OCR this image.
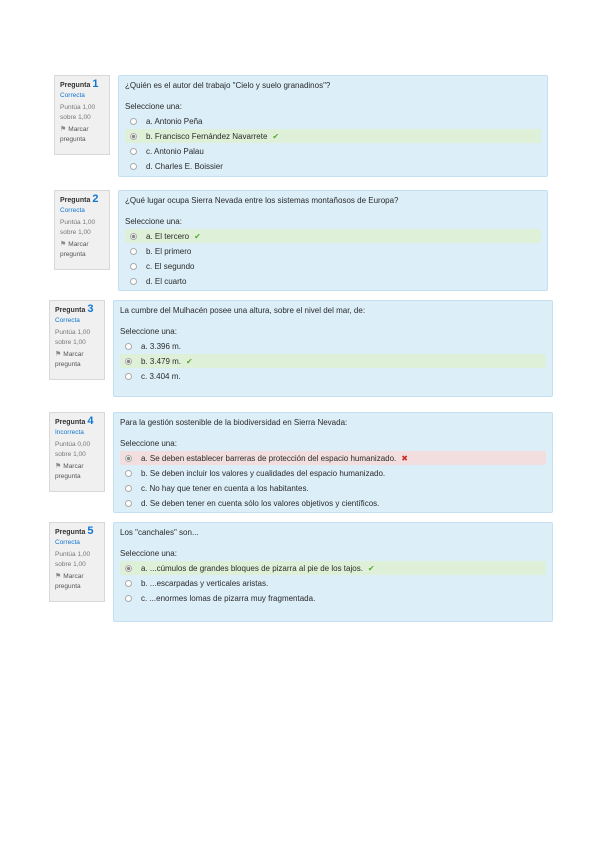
Pregunta 1
Correcta
Puntúa 1,00 sobre 1,00
⚑ Marcar pregunta
¿Quién es el autor del trabajo "Cielo y suelo granadinos"?
Seleccione una:
a. Antonio Peña
b. Francisco Fernández Navarrete ✔
c. Antonio Palau
d. Charles E. Boissier
Pregunta 2
Correcta
Puntúa 1,00 sobre 1,00
⚑ Marcar pregunta
¿Qué lugar ocupa Sierra Nevada entre los sistemas montañosos de Europa?
Seleccione una:
a. El tercero ✔
b. El primero
c. El segundo
d. El cuarto
Pregunta 3
Correcta
Puntúa 1,00 sobre 1,00
⚑ Marcar pregunta
La cumbre del Mulhacén posee una altura, sobre el nivel del mar, de:
Seleccione una:
a. 3.396 m.
b. 3.479 m. ✔
c. 3.404 m.
Pregunta 4
Incorrecta
Puntúa 0,00 sobre 1,00
⚑ Marcar pregunta
Para la gestión sostenible de la biodiversidad en Sierra Nevada:
Seleccione una:
a. Se deben establecer barreras de protección del espacio humanizado. ✖
b. Se deben incluir los valores y cualidades del espacio humanizado.
c. No hay que tener en cuenta a los habitantes.
d. Se deben tener en cuenta sólo los valores objetivos y científicos.
Pregunta 5
Correcta
Puntúa 1,00 sobre 1,00
⚑ Marcar pregunta
Los "canchales" son...
Seleccione una:
a. ...cúmulos de grandes bloques de pizarra al pie de los tajos. ✔
b. ...escarpadas y verticales aristas.
c. ...enormes lomas de pizarra muy fragmentada.
